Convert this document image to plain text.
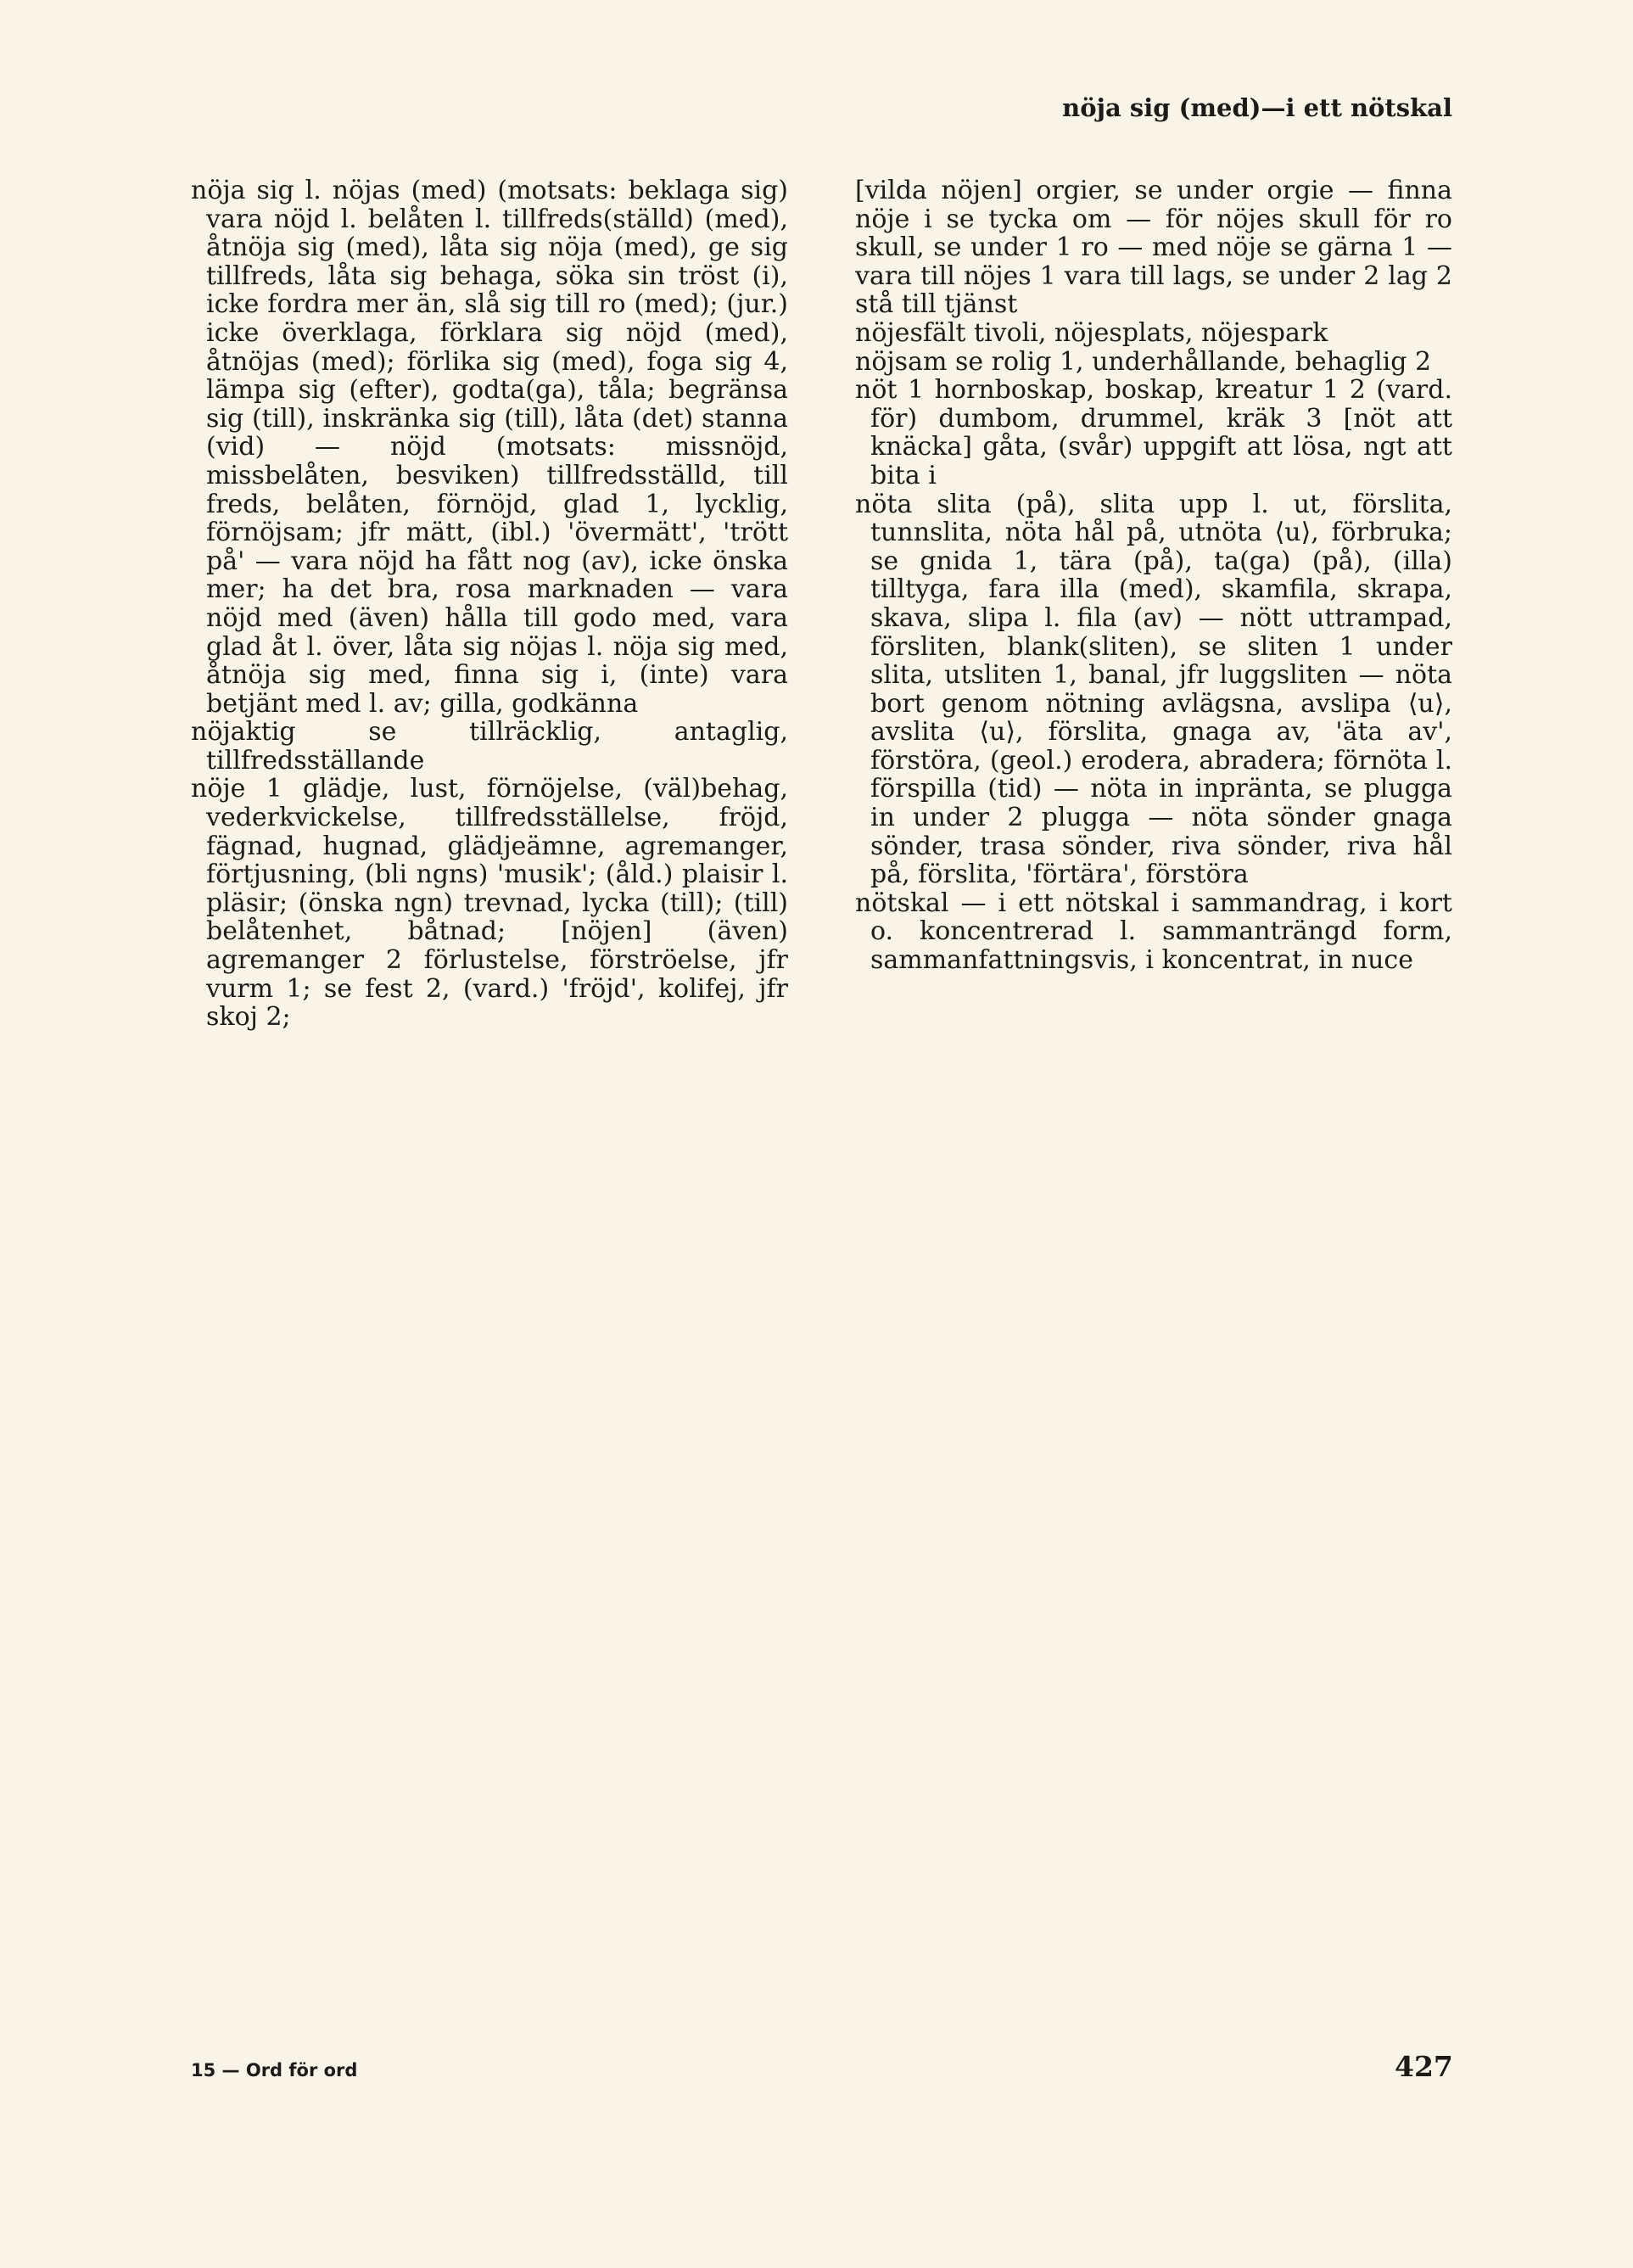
nöja sig (med)—i ett nötskal

nöja sig l. nöjas (med) (motsats: beklaga sig) vara nöjd l. belåten l. tillfreds(ställd) (med), åtnöja sig (med), låta sig nöja (med), ge sig tillfreds, låta sig behaga, söka sin tröst (i), icke fordra mer än, slå sig till ro (med); (jur.) icke överklaga, förklara sig nöjd (med), åtnöjas (med); förlika sig (med), foga sig 4, lämpa sig (efter), godta(ga), tåla; begränsa sig (till), inskränka sig (till), låta (det) stanna (vid) — nöjd (motsats: missnöjd, missbelåten, besviken) tillfredsställd, till freds, belåten, förnöjd, glad 1, lycklig, förnöjsam; jfr mätt, (ibl.) 'övermätt', 'trött på' — vara nöjd ha fått nog (av), icke önska mer; ha det bra, rosa marknaden — vara nöjd med (även) hålla till godo med, vara glad åt l. över, låta sig nöjas l. nöja sig med, åtnöja sig med, finna sig i, (inte) vara betjänt med l. av; gilla, godkänna

nöjaktig se tillräcklig, antaglig, tillfredsställande

nöje 1 glädje, lust, förnöjelse, (väl)behag, vederkvickelse, tillfredsställelse, fröjd, fägnad, hugnad, glädjeämne, agremanger, förtjusning, (bli ngns) 'musik'; (åld.) plaisir l. pläsir; (önska ngn) trevnad, lycka (till); (till) belåtenhet, båtnad; [nöjen] (även) agremanger 2 förlustelse, förströelse, jfr vurm 1; se fest 2, (vard.) 'fröjd', kolifej, jfr skoj 2;

[vilda nöjen] orgier, se under orgie — finna nöje i se tycka om — för nöjes skull för ro skull, se under 1 ro — med nöje se gärna 1 — vara till nöjes 1 vara till lags, se under 2 lag 2 stå till tjänst

nöjesfält tivoli, nöjesplats, nöjespark

nöjsam se rolig 1, underhållande, behaglig 2

nöt 1 hornboskap, boskap, kreatur 1 2 (vard. för) dumbom, drummel, kräk 3 [nöt att knäcka] gåta, (svår) uppgift att lösa, ngt att bita i

nöta slita (på), slita upp l. ut, förslita, tunnslita, nöta hål på, utnöta ⟨u⟩, förbruka; se gnida 1, tära (på), ta(ga) (på), (illa) tilltyga, fara illa (med), skamfila, skrapa, skava, slipa l. fila (av) — nött uttrampad, försliten, blank(sliten), se sliten 1 under slita, utsliten 1, banal, jfr luggsliten — nöta bort genom nötning avlägsna, avslipa ⟨u⟩, avslita ⟨u⟩, förslita, gnaga av, 'äta av', förstöra, (geol.) erodera, abradera; förnöta l. förspilla (tid) — nöta in inpränta, se plugga in under 2 plugga — nöta sönder gnaga sönder, trasa sönder, riva sönder, riva hål på, förslita, 'förtära', förstöra

nötskal — i ett nötskal i sammandrag, i kort o. koncentrerad l. sammanträngd form, sammanfattningsvis, i koncentrat, in nuce

15 — Ord för ord	427
